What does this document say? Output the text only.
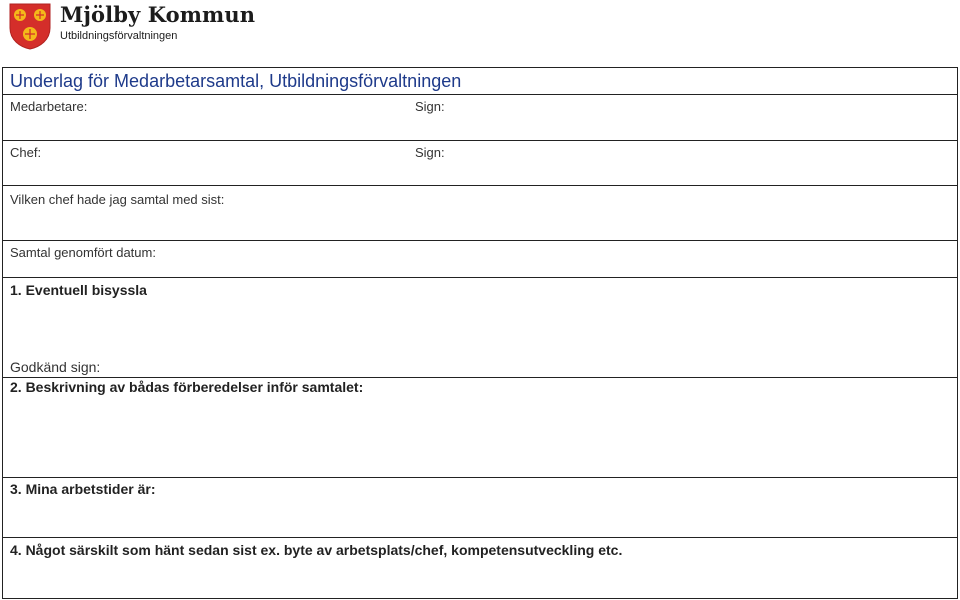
Mjölby Kommun
Utbildningsförvaltningen
Underlag för Medarbetarsamtal, Utbildningsförvaltningen
Medarbetare:	Sign:
Chef:	Sign:
Vilken chef hade jag samtal med sist:
Samtal genomfört datum:
1. Eventuell bisyssla
Godkänd sign:
2. Beskrivning av bådas förberedelser inför samtalet:
3. Mina arbetstider är:
4. Något särskilt som hänt sedan sist ex. byte av arbetsplats/chef, kompetensutveckling etc.
